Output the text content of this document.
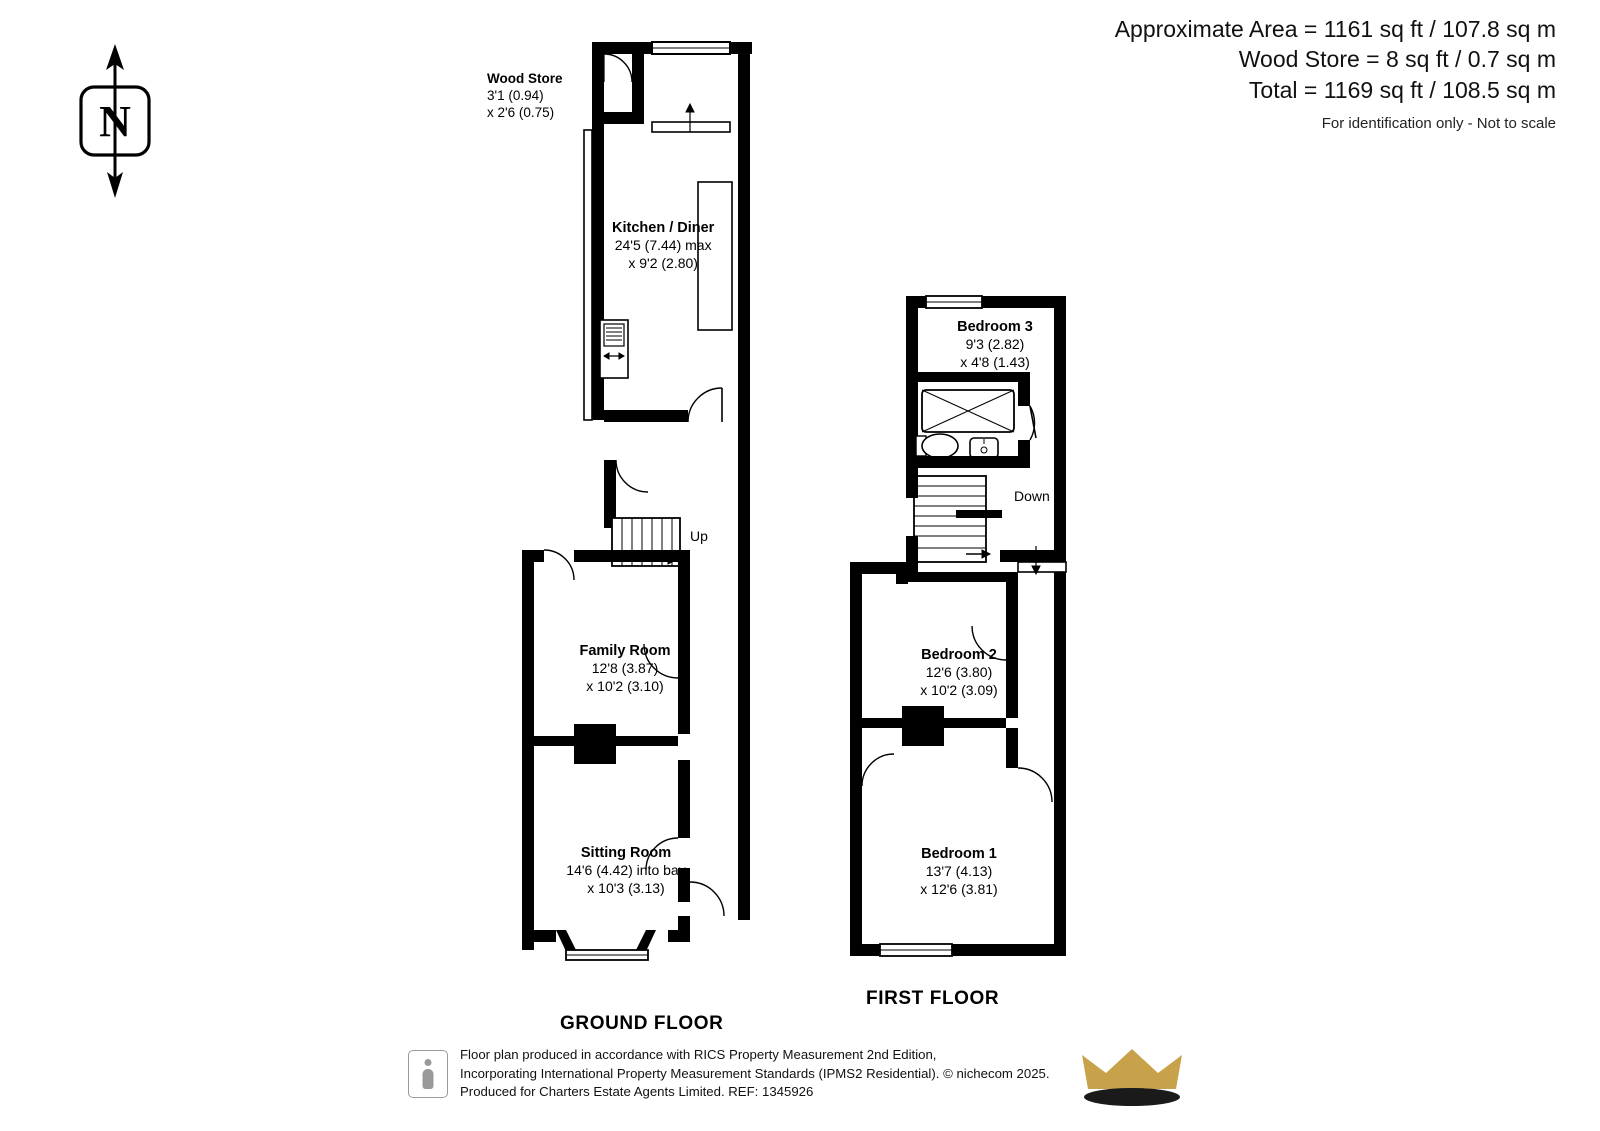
Approximate Area = 1161 sq ft / 107.8 sq m
Wood Store = 8 sq ft / 0.7 sq m
Total = 1169 sq ft / 108.5 sq m
For identification only - Not to scale
N
Wood Store
3'1 (0.94)
x 2'6 (0.75)
Kitchen / Diner
24'5 (7.44) max
x 9'2 (2.80)
Up
Family Room
12'8 (3.87)
x 10'2 (3.10)
Sitting Room
14'6 (4.42) into bay
x 10'3 (3.13)
GROUND FLOOR
Bedroom 3
9'3 (2.82)
x 4'8 (1.43)
Down
Bedroom 2
12'6 (3.80)
x 10'2 (3.09)
Bedroom 1
13'7 (4.13)
x 12'6 (3.81)
FIRST FLOOR
Floor plan produced in accordance with RICS Property Measurement 2nd Edition,
Incorporating International Property Measurement Standards (IPMS2 Residential). © nichecom 2025.
Produced for Charters Estate Agents Limited. REF: 1345926
